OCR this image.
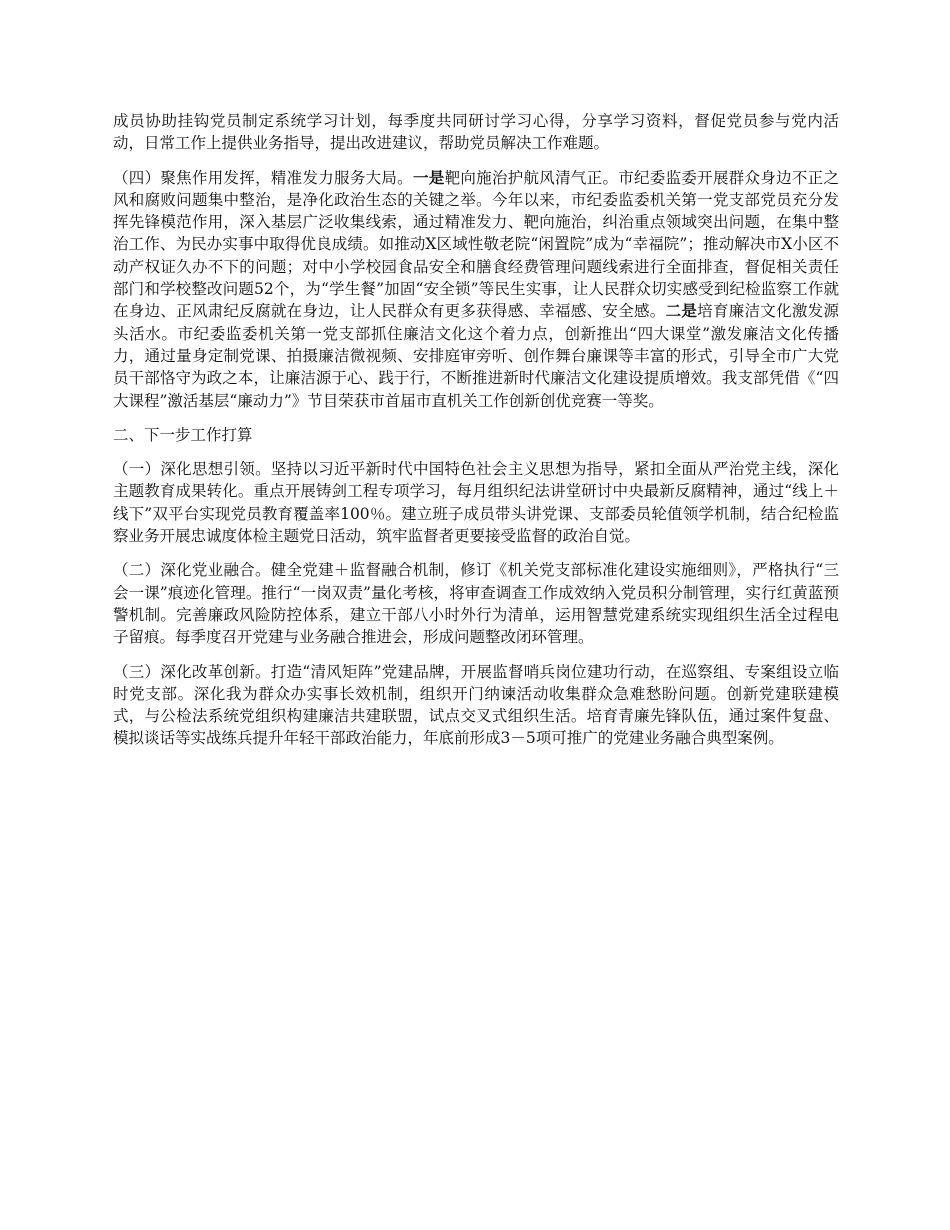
成员协助挂钩党员制定系统学习计划，每季度共同研讨学习心得，分享学习资料，督促党员参与党内活动，日常工作上提供业务指导，提出改进建议，帮助党员解决工作难题。

（四）聚焦作用发挥，精准发力服务大局。一是靶向施治护航风清气正。市纪委监委开展群众身边不正之风和腐败问题集中整治，是净化政治生态的关键之举。今年以来，市纪委监委机关第一党支部党员充分发挥先锋模范作用，深入基层广泛收集线索，通过精准发力、靶向施治，纠治重点领域突出问题，在集中整治工作、为民办实事中取得优良成绩。如推动X区域性敬老院“闲置院”成为“幸福院”；推动解决市X小区不动产权证久办不下的问题；对中小学校园食品安全和膳食经费管理问题线索进行全面排查，督促相关责任部门和学校整改问题52个，为“学生餐”加固“安全锁”等民生实事，让人民群众切实感受到纪检监察工作就在身边、正风肃纪反腐就在身边，让人民群众有更多获得感、幸福感、安全感。二是培育廉洁文化激发源头活水。市纪委监委机关第一党支部抓住廉洁文化这个着力点，创新推出“四大课堂”激发廉洁文化传播力，通过量身定制党课、拍摄廉洁微视频、安排庭审旁听、创作舞台廉课等丰富的形式，引导全市广大党员干部恪守为政之本，让廉洁源于心、践于行，不断推进新时代廉洁文化建设提质增效。我支部凭借《“四大课程”激活基层“廉动力”》节目荣获市首届市直机关工作创新创优竞赛一等奖。

二、下一步工作打算

（一）深化思想引领。坚持以习近平新时代中国特色社会主义思想为指导，紧扣全面从严治党主线，深化主题教育成果转化。重点开展铸剑工程专项学习，每月组织纪法讲堂研讨中央最新反腐精神，通过“线上＋线下”双平台实现党员教育覆盖率100％。建立班子成员带头讲党课、支部委员轮值领学机制，结合纪检监察业务开展忠诚度体检主题党日活动，筑牢监督者更要接受监督的政治自觉。

（二）深化党业融合。健全党建＋监督融合机制，修订《机关党支部标准化建设实施细则》，严格执行“三会一课”痕迹化管理。推行“一岗双责”量化考核，将审查调查工作成效纳入党员积分制管理，实行红黄蓝预警机制。完善廉政风险防控体系，建立干部八小时外行为清单，运用智慧党建系统实现组织生活全过程电子留痕。每季度召开党建与业务融合推进会，形成问题整改闭环管理。

（三）深化改革创新。打造“清风矩阵”党建品牌，开展监督哨兵岗位建功行动，在巡察组、专案组设立临时党支部。深化我为群众办实事长效机制，组织开门纳谏活动收集群众急难愁盼问题。创新党建联建模式，与公检法系统党组织构建廉洁共建联盟，试点交叉式组织生活。培育青廉先锋队伍，通过案件复盘、模拟谈话等实战练兵提升年轻干部政治能力，年底前形成3－5项可推广的党建业务融合典型案例。
